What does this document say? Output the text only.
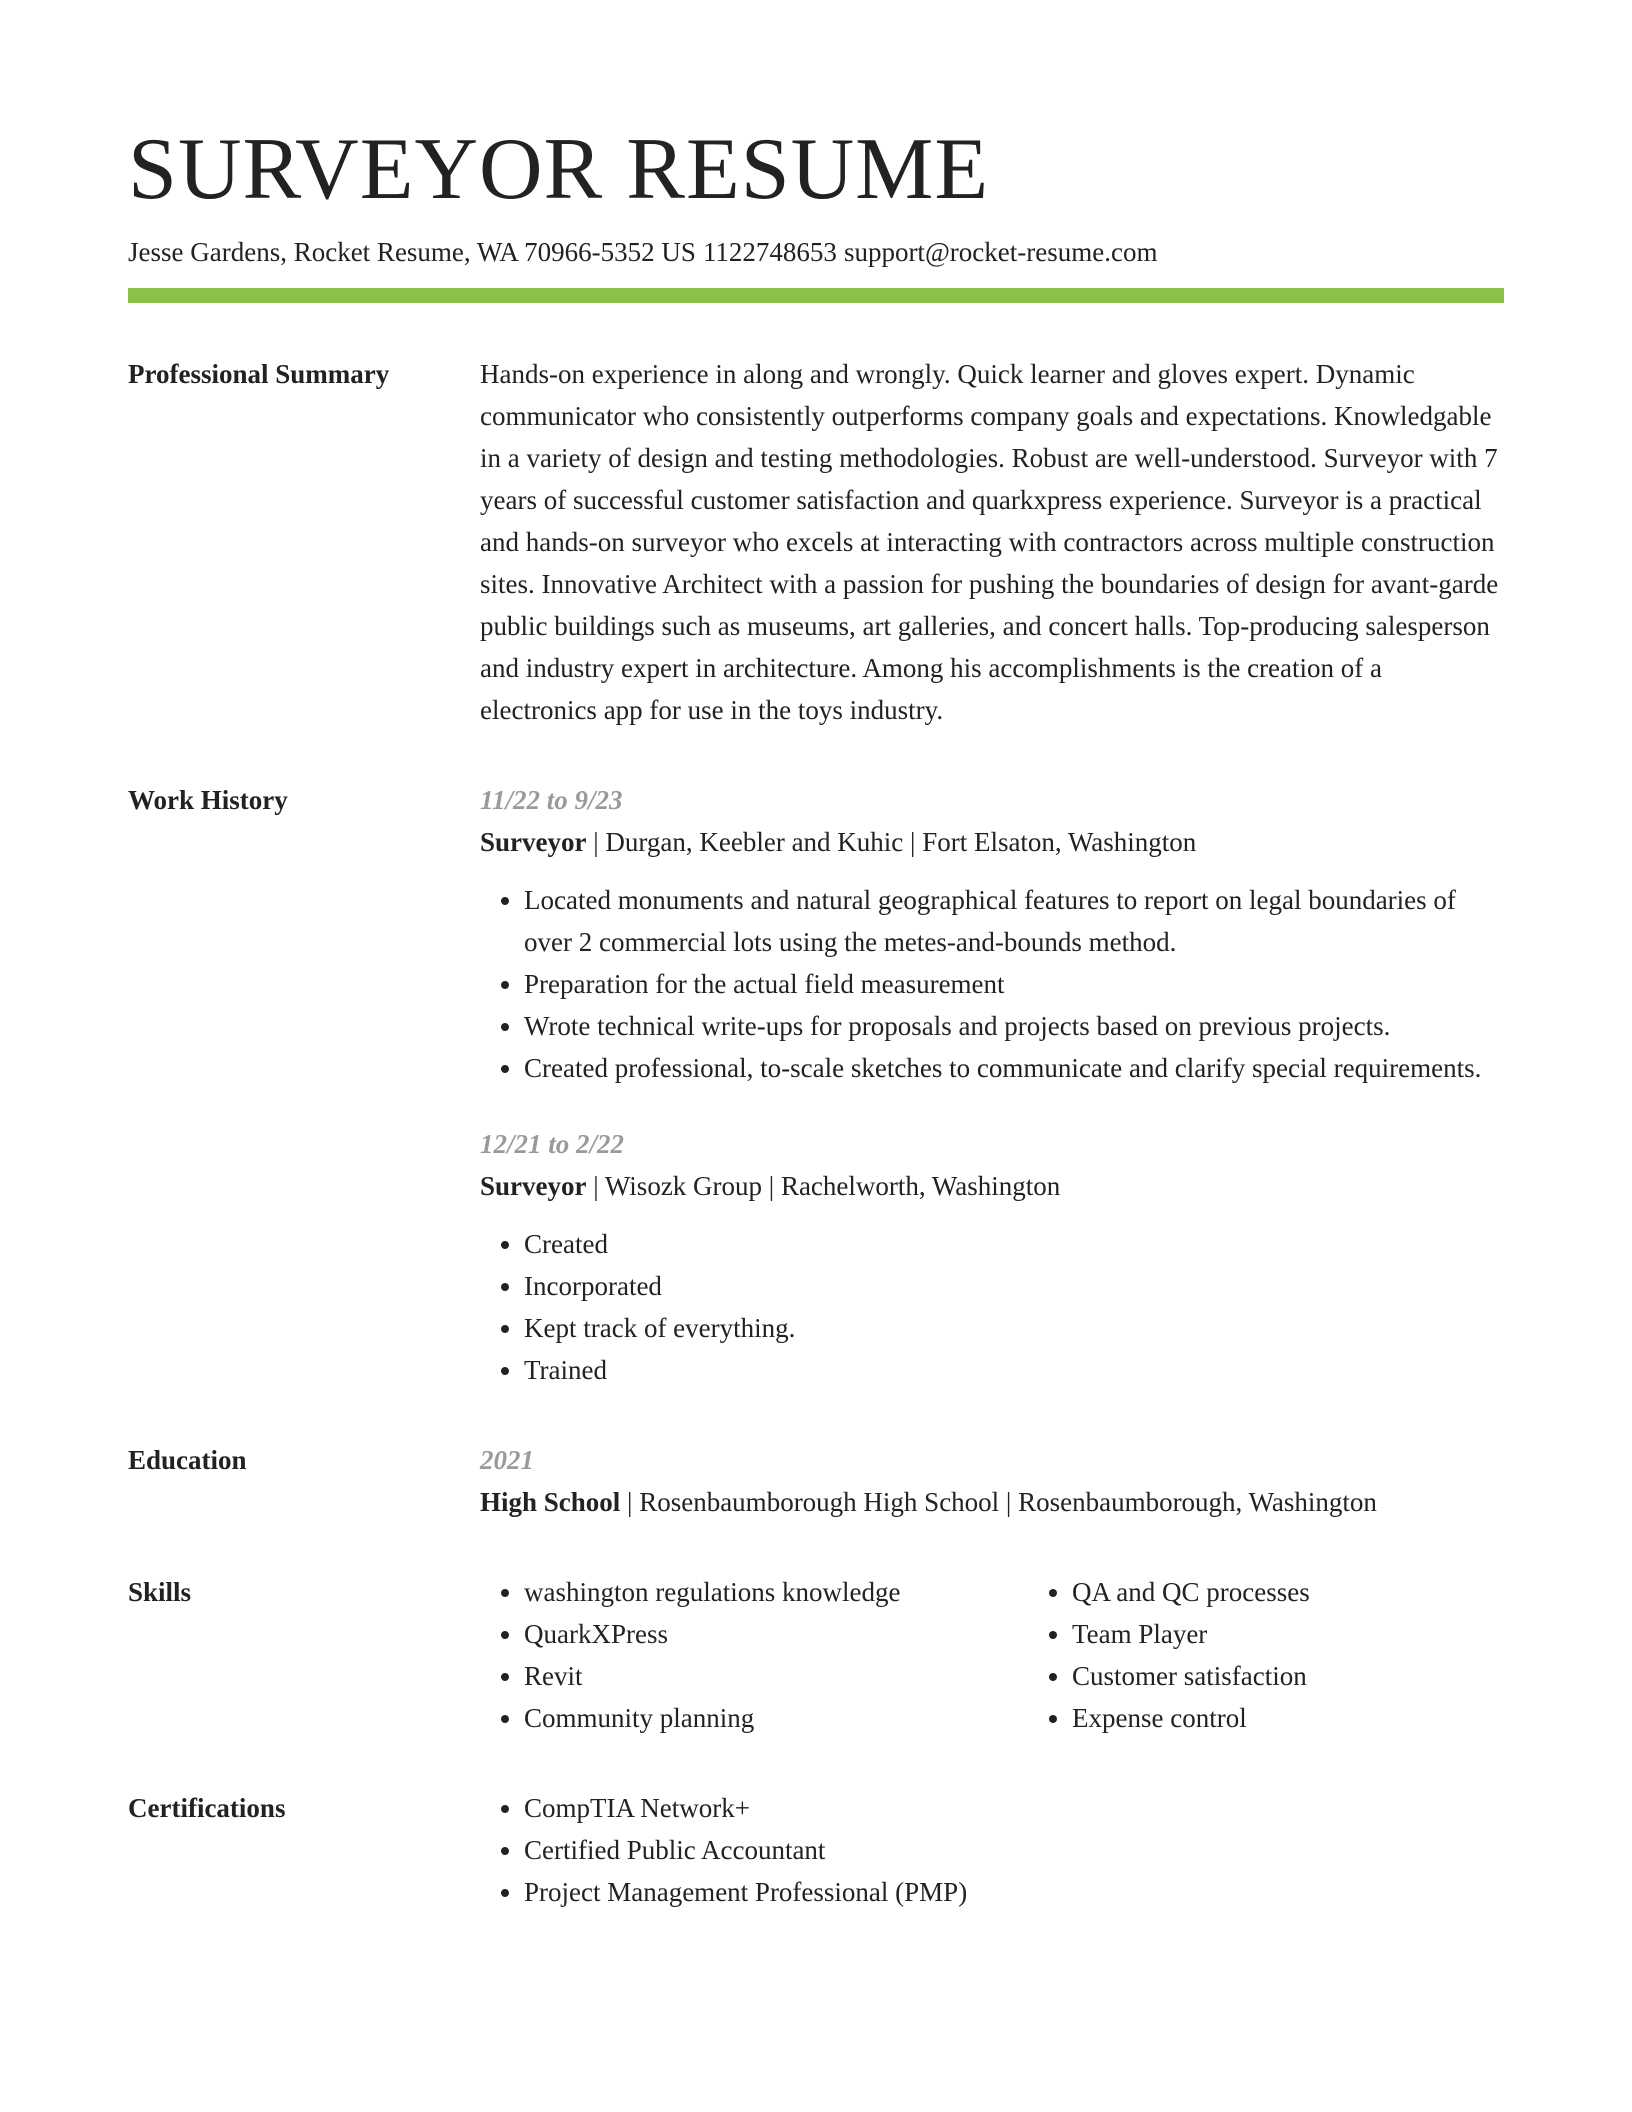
SURVEYOR RESUME
Jesse Gardens, Rocket Resume, WA 70966-5352 US 1122748653 support@rocket-resume.com
Professional Summary	Hands-on experience in along and wrongly. Quick learner and gloves expert. Dynamic communicator who consistently outperforms company goals and expectations. Knowledgable in a variety of design and testing methodologies. Robust are well-understood. Surveyor with 7 years of successful customer satisfaction and quarkxpress experience. Surveyor is a practical and hands-on surveyor who excels at interacting with contractors across multiple construction sites. Innovative Architect with a passion for pushing the boundaries of design for avant-garde public buildings such as museums, art galleries, and concert halls. Top-producing salesperson and industry expert in architecture. Among his accomplishments is the creation of a electronics app for use in the toys industry.
Work History	11/22 to 9/23
Surveyor | Durgan, Keebler and Kuhic | Fort Elsaton, Washington
• Located monuments and natural geographical features to report on legal boundaries of over 2 commercial lots using the metes-and-bounds method.
• Preparation for the actual field measurement
• Wrote technical write-ups for proposals and projects based on previous projects.
• Created professional, to-scale sketches to communicate and clarify special requirements.
12/21 to 2/22
Surveyor | Wisozk Group | Rachelworth, Washington
• Created
• Incorporated
• Kept track of everything.
• Trained
Education	2021
High School | Rosenbaumborough High School | Rosenbaumborough, Washington
Skills	• washington regulations knowledge
• QuarkXPress
• Revit
• Community planning
• QA and QC processes
• Team Player
• Customer satisfaction
• Expense control
Certifications	• CompTIA Network+
• Certified Public Accountant
• Project Management Professional (PMP)
